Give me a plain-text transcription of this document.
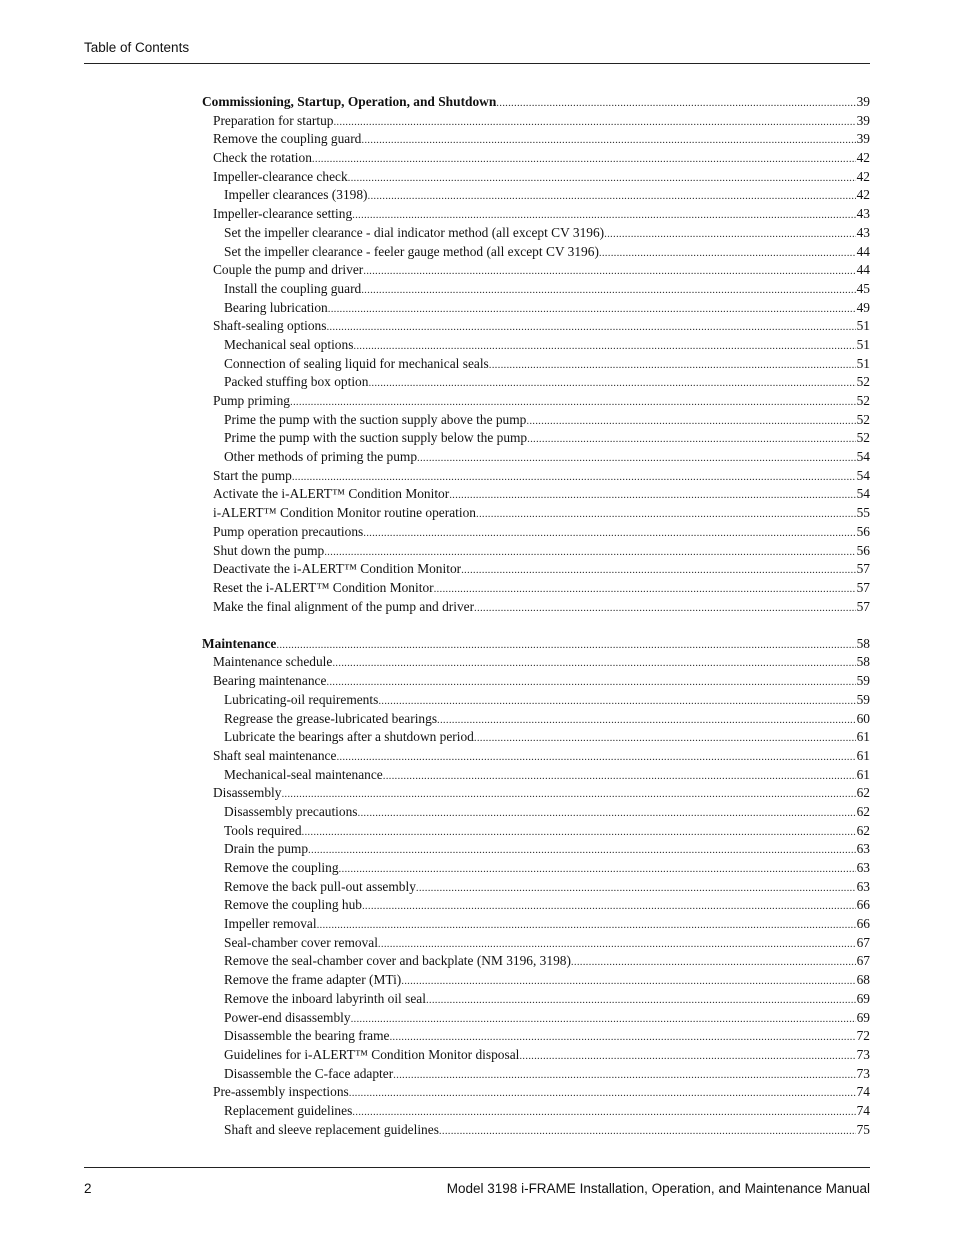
Table of Contents
Commissioning, Startup, Operation, and Shutdown .....	39
Preparation for startup .....	39
Remove the coupling guard .....	39
Check the rotation .....	42
Impeller-clearance check .....	42
Impeller clearances (3198) .....	42
Impeller-clearance setting .....	43
Set the impeller clearance - dial indicator method (all except CV 3196) .....	43
Set the impeller clearance - feeler gauge method (all except CV 3196) .....	44
Couple the pump and driver .....	44
Install the coupling guard .....	45
Bearing lubrication .....	49
Shaft-sealing options .....	51
Mechanical seal options .....	51
Connection of sealing liquid for mechanical seals .....	51
Packed stuffing box option .....	52
Pump priming .....	52
Prime the pump with the suction supply above the pump .....	52
Prime the pump with the suction supply below the pump .....	52
Other methods of priming the pump .....	54
Start the pump .....	54
Activate the i-ALERT™ Condition Monitor .....	54
i-ALERT™ Condition Monitor routine operation .....	55
Pump operation precautions .....	56
Shut down the pump .....	56
Deactivate the i-ALERT™ Condition Monitor .....	57
Reset the i-ALERT™ Condition Monitor .....	57
Make the final alignment of the pump and driver .....	57
Maintenance .....	58
Maintenance schedule .....	58
Bearing maintenance .....	59
Lubricating-oil requirements .....	59
Regrease the grease-lubricated bearings .....	60
Lubricate the bearings after a shutdown period .....	61
Shaft seal maintenance .....	61
Mechanical-seal maintenance .....	61
Disassembly .....	62
Disassembly precautions .....	62
Tools required .....	62
Drain the pump .....	63
Remove the coupling .....	63
Remove the back pull-out assembly .....	63
Remove the coupling hub .....	66
Impeller removal .....	66
Seal-chamber cover removal .....	67
Remove the seal-chamber cover and backplate (NM 3196, 3198) .....	67
Remove the frame adapter (MTi) .....	68
Remove the inboard labyrinth oil seal .....	69
Power-end disassembly .....	69
Disassemble the bearing frame .....	72
Guidelines for i-ALERT™ Condition Monitor disposal .....	73
Disassemble the C-face adapter .....	73
Pre-assembly inspections .....	74
Replacement guidelines .....	74
Shaft and sleeve replacement guidelines .....	75
2	Model 3198 i-FRAME Installation, Operation, and Maintenance Manual
